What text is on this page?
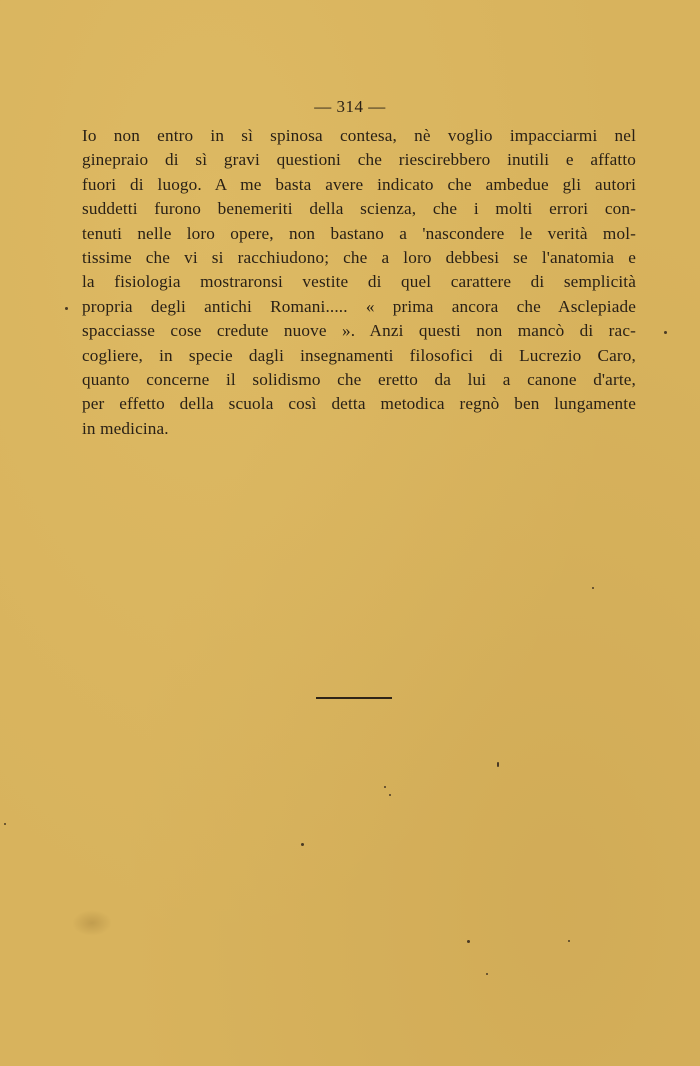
— 314 —
Io non entro in sì spinosa contesa, nè voglio impacciarmi nel
ginepraio di sì gravi questioni che riescirebbero inutili e affatto
fuori di luogo. A me basta avere indicato che ambedue gli autori
suddetti furono benemeriti della scienza, che i molti errori con-
tenuti nelle loro opere, non bastano a 'nascondere le verità mol-
tissime che vi si racchiudono; che a loro debbesi se l'anatomia e
la fisiologia mostraronsi vestite di quel carattere di semplicità
propria degli antichi Romani..... « prima ancora che Asclepiade
spacciasse cose credute nuove ». Anzi questi non mancò di rac-
cogliere, in specie dagli insegnamenti filosofici di Lucrezio Caro,
quanto concerne il solidismo che eretto da lui a canone d'arte,
per effetto della scuola così detta metodica regnò ben lungamente
in medicina.
